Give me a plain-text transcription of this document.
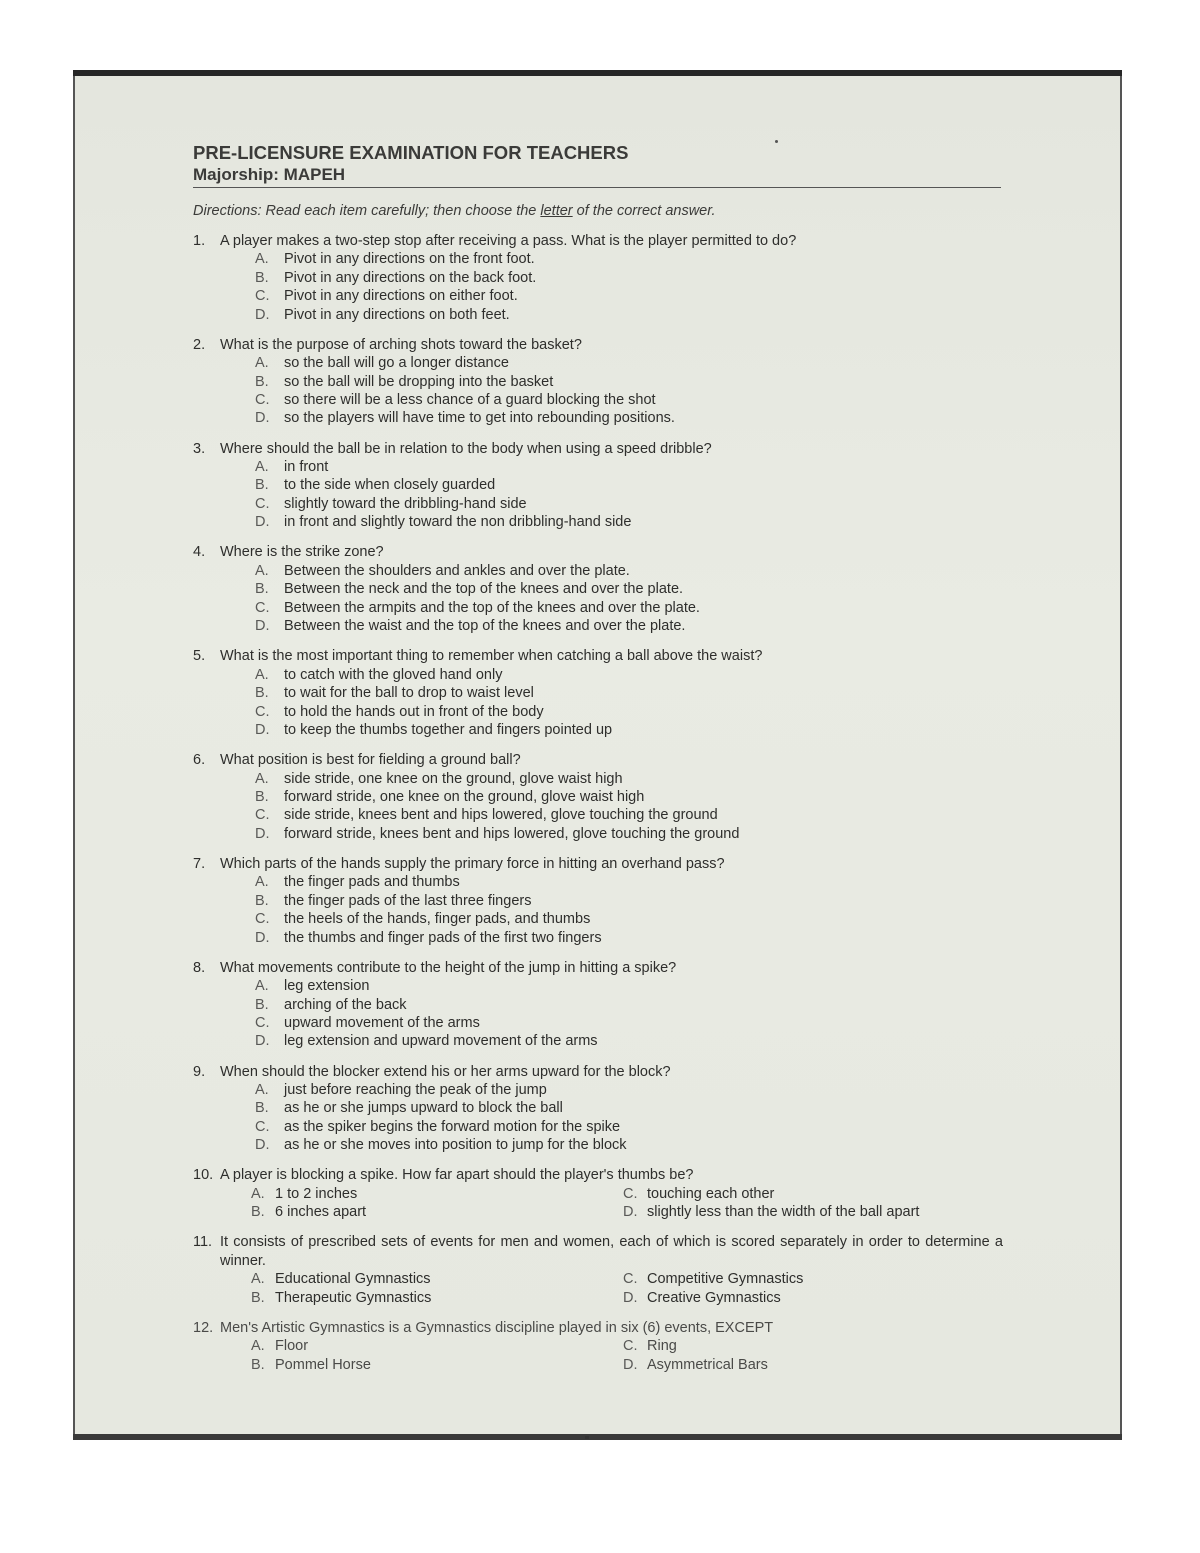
PRE-LICENSURE EXAMINATION FOR TEACHERS
Majorship: MAPEH
Directions: Read each item carefully; then choose the letter of the correct answer.
1.	A player makes a two-step stop after receiving a pass. What is the player permitted to do?
A.	Pivot in any directions on the front foot.
B.	Pivot in any directions on the back foot.
C.	Pivot in any directions on either foot.
D.	Pivot in any directions on both feet.
2.	What is the purpose of arching shots toward the basket?
A.	so the ball will go a longer distance
B.	so the ball will be dropping into the basket
C.	so there will be a less chance of a guard blocking the shot
D.	so the players will have time to get into rebounding positions.
3.	Where should the ball be in relation to the body when using a speed dribble?
A.	in front
B.	to the side when closely guarded
C.	slightly toward the dribbling-hand side
D.	in front and slightly toward the non dribbling-hand side
4.	Where is the strike zone?
A.	Between the shoulders and ankles and over the plate.
B.	Between the neck and the top of the knees and over the plate.
C.	Between the armpits and the top of the knees and over the plate.
D.	Between the waist and the top of the knees and over the plate.
5.	What is the most important thing to remember when catching a ball above the waist?
A.	to catch with the gloved hand only
B.	to wait for the ball to drop to waist level
C.	to hold the hands out in front of the body
D.	to keep the thumbs together and fingers pointed up
6.	What position is best for fielding a ground ball?
A.	side stride, one knee on the ground, glove waist high
B.	forward stride, one knee on the ground, glove waist high
C.	side stride, knees bent and hips lowered, glove touching the ground
D.	forward stride, knees bent and hips lowered, glove touching the ground
7.	Which parts of the hands supply the primary force in hitting an overhand pass?
A.	the finger pads and thumbs
B.	the finger pads of the last three fingers
C.	the heels of the hands, finger pads, and thumbs
D.	the thumbs and finger pads of the first two fingers
8.	What movements contribute to the height of the jump in hitting a spike?
A.	leg extension
B.	arching of the back
C.	upward movement of the arms
D.	leg extension and upward movement of the arms
9.	When should the blocker extend his or her arms upward for the block?
A.	just before reaching the peak of the jump
B.	as he or she jumps upward to block the ball
C.	as the spiker begins the forward motion for the spike
D.	as he or she moves into position to jump for the block
10. A player is blocking a spike. How far apart should the player's thumbs be?
A. 1 to 2 inches	C. touching each other
B. 6 inches apart	D. slightly less than the width of the ball apart
11. It consists of prescribed sets of events for men and women, each of which is scored separately in order to determine a winner.
A. Educational Gymnastics	C. Competitive Gymnastics
B. Therapeutic Gymnastics	D. Creative Gymnastics
12. Men's Artistic Gymnastics is a Gymnastics discipline played in six (6) events, EXCEPT
A. Floor	C. Ring
B. Pommel Horse	D. Asymmetrical Bars
